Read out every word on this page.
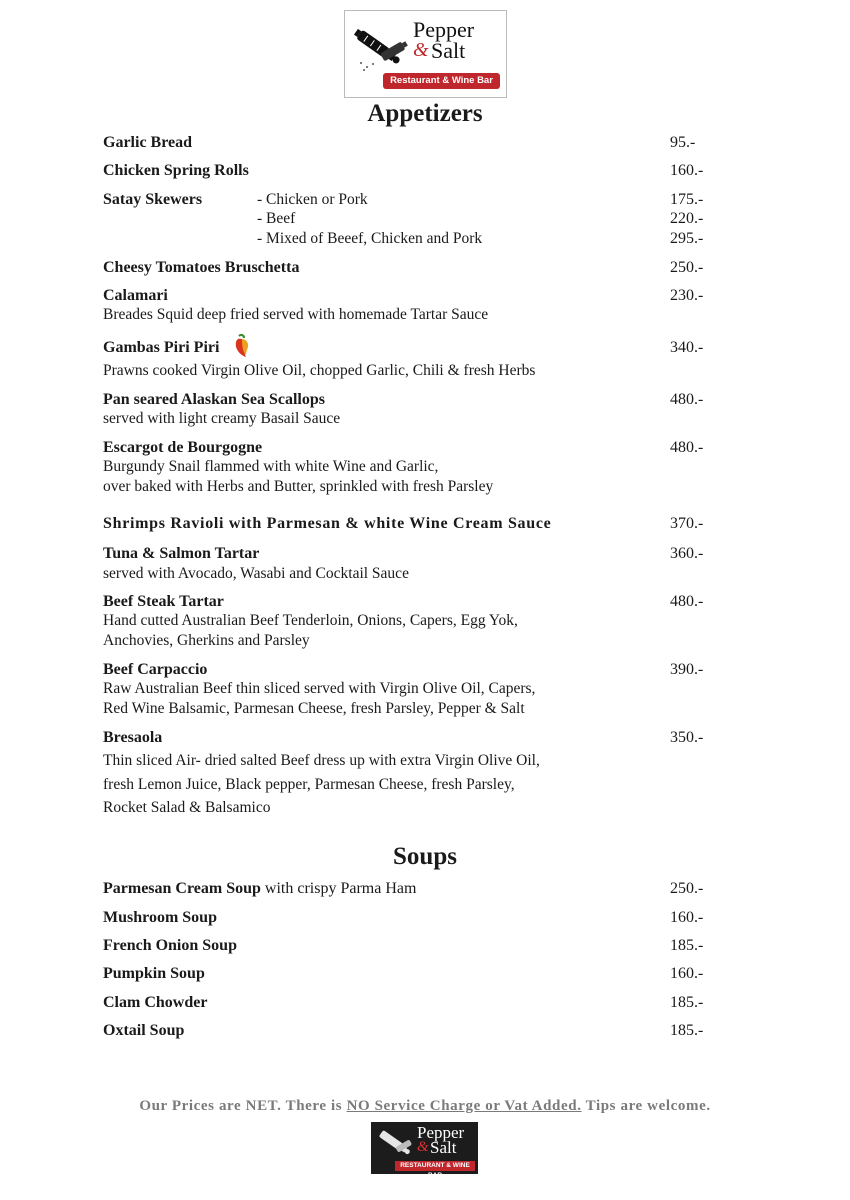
Pepper
& Salt
Restaurant & Wine Bar
Appetizers
Garlic Bread	95.-
Chicken Spring Rolls	160.-
Satay Skewers	- Chicken or Pork	175.-
- Beef	220.-
- Mixed of Beeef, Chicken and Pork	295.-
Cheesy Tomatoes Bruschetta	250.-
Calamari	230.-
Breades Squid deep fried served with homemade Tartar Sauce
Gambas Piri Piri	340.-
Prawns cooked Virgin Olive Oil, chopped Garlic, Chili & fresh Herbs
Pan seared Alaskan Sea Scallops	480.-
served with light creamy Basail Sauce
Escargot de Bourgogne	480.-
Burgundy Snail flammed with white Wine and Garlic,
over baked with Herbs and Butter, sprinkled with fresh Parsley
Shrimps Ravioli with Parmesan & white Wine Cream Sauce	370.-
Tuna & Salmon Tartar	360.-
served with Avocado, Wasabi and Cocktail Sauce
Beef Steak Tartar	480.-
Hand cutted Australian Beef Tenderloin, Onions, Capers, Egg Yok,
Anchovies, Gherkins and Parsley
Beef Carpaccio	390.-
Raw Australian Beef thin sliced served with Virgin Olive Oil, Capers,
Red Wine Balsamic, Parmesan Cheese, fresh Parsley, Pepper & Salt
Bresaola	350.-
Thin sliced Air- dried salted Beef dress up with extra Virgin Olive Oil,
fresh Lemon Juice, Black pepper, Parmesan Cheese, fresh Parsley,
Rocket Salad & Balsamico
Soups
Parmesan Cream Soup with crispy Parma Ham	250.-
Mushroom Soup	160.-
French Onion Soup	185.-
Pumpkin Soup	160.-
Clam Chowder	185.-
Oxtail Soup	185.-
Our Prices are NET. There is NO Service Charge or Vat Added. Tips are welcome.
Pepper
& Salt
RESTAURANT & WINE BAR
